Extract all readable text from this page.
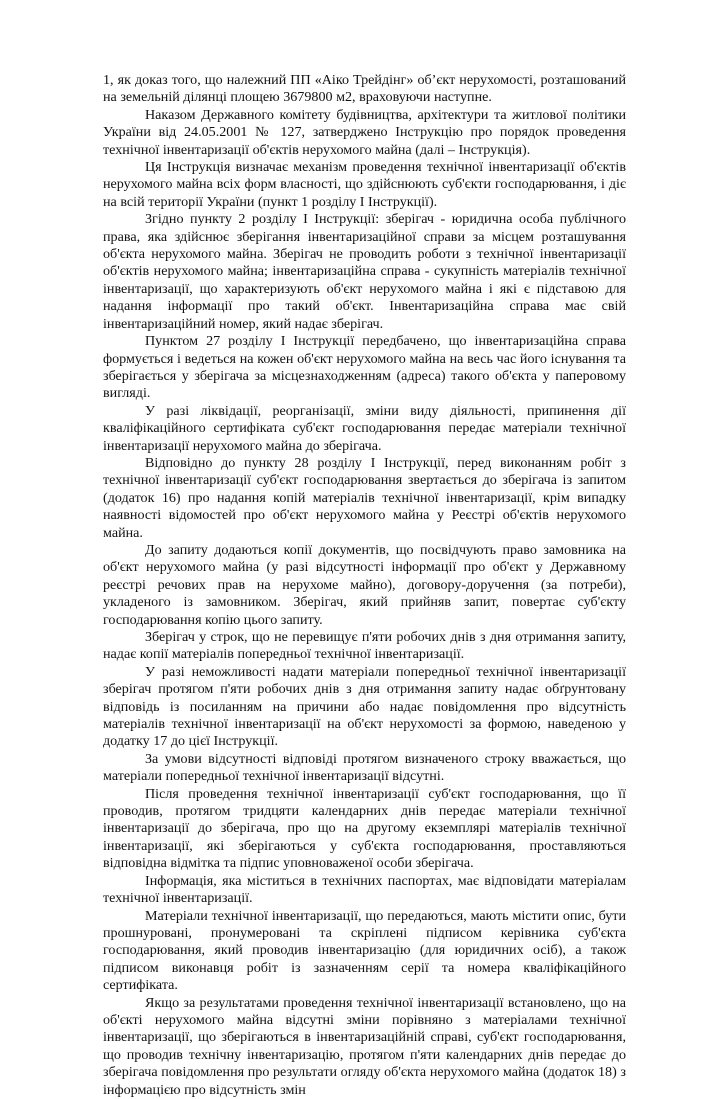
1, як доказ того, що належний ПП «Аіко Трейдінг» об’єкт нерухомості, розташований на земельній ділянці площею 3679800 м2, враховуючи наступне.

Наказом Державного комітету будівництва, архітектури та житлової політики України від 24.05.2001 № 127, затверджено Інструкцію про порядок проведення технічної інвентаризації об'єктів нерухомого майна (далі – Інструкція).

Ця Інструкція визначає механізм проведення технічної інвентаризації об'єктів нерухомого майна всіх форм власності, що здійснюють суб'єкти господарювання, і діє на всій території України (пункт 1 розділу І Інструкції).

Згідно пункту 2 розділу І Інструкції: зберігач - юридична особа публічного права, яка здійснює зберігання інвентаризаційної справи за місцем розташування об'єкта нерухомого майна. Зберігач не проводить роботи з технічної інвентаризації об'єктів нерухомого майна; інвентаризаційна справа - сукупність матеріалів технічної інвентаризації, що характеризують об'єкт нерухомого майна і які є підставою для надання інформації про такий об'єкт. Інвентаризаційна справа має свій інвентаризаційний номер, який надає зберігач.

Пунктом 27 розділу І Інструкції передбачено, що інвентаризаційна справа формується і ведеться на кожен об'єкт нерухомого майна на весь час його існування та зберігається у зберігача за місцезнаходженням (адреса) такого об'єкта у паперовому вигляді.

У разі ліквідації, реорганізації, зміни виду діяльності, припинення дії кваліфікаційного сертифіката суб'єкт господарювання передає матеріали технічної інвентаризації нерухомого майна до зберігача.

Відповідно до пункту 28 розділу І Інструкції, перед виконанням робіт з технічної інвентаризації суб'єкт господарювання звертається до зберігача із запитом (додаток 16) про надання копій матеріалів технічної інвентаризації, крім випадку наявності відомостей про об'єкт нерухомого майна у Реєстрі об'єктів нерухомого майна.

До запиту додаються копії документів, що посвідчують право замовника на об'єкт нерухомого майна (у разі відсутності інформації про об'єкт у Державному реєстрі речових прав на нерухоме майно), договору-доручення (за потреби), укладеного із замовником. Зберігач, який прийняв запит, повертає суб'єкту господарювання копію цього запиту.

Зберігач у строк, що не перевищує п'яти робочих днів з дня отримання запиту, надає копії матеріалів попередньої технічної інвентаризації.

У разі неможливості надати матеріали попередньої технічної інвентаризації зберігач протягом п'яти робочих днів з дня отримання запиту надає обґрунтовану відповідь із посиланням на причини або надає повідомлення про відсутність матеріалів технічної інвентаризації на об'єкт нерухомості за формою, наведеною у додатку 17 до цієї Інструкції.

За умови відсутності відповіді протягом визначеного строку вважається, що матеріали попередньої технічної інвентаризації відсутні.

Після проведення технічної інвентаризації суб'єкт господарювання, що її проводив, протягом тридцяти календарних днів передає матеріали технічної інвентаризації до зберігача, про що на другому екземплярі матеріалів технічної інвентаризації, які зберігаються у суб'єкта господарювання, проставляються відповідна відмітка та підпис уповноваженої особи зберігача.

Інформація, яка міститься в технічних паспортах, має відповідати матеріалам технічної інвентаризації.

Матеріали технічної інвентаризації, що передаються, мають містити опис, бути прошнуровані, пронумеровані та скріплені підписом керівника суб'єкта господарювання, який проводив інвентаризацію (для юридичних осіб), а також підписом виконавця робіт із зазначенням серії та номера кваліфікаційного сертифіката.

Якщо за результатами проведення технічної інвентаризації встановлено, що на об'єкті нерухомого майна відсутні зміни порівняно з матеріалами технічної інвентаризації, що зберігаються в інвентаризаційній справі, суб'єкт господарювання, що проводив технічну інвентаризацію, протягом п'яти календарних днів передає до зберігача повідомлення про результати огляду об'єкта нерухомого майна (додаток 18) з інформацією про відсутність змін
